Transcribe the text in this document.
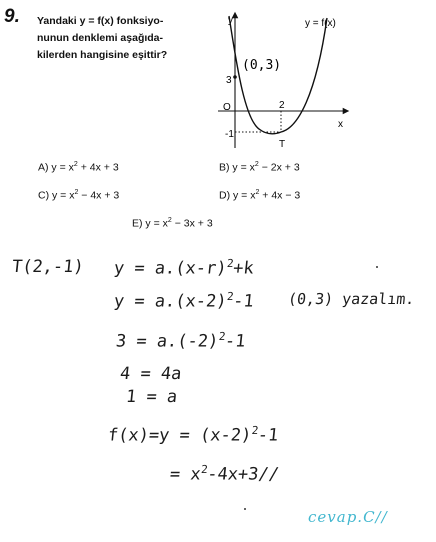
9. Yandaki y = f(x) fonksiyo-
nunun denklemi aşağıda-
kilerden hangisine eşittir?
y
x
y = f(x)
O
3
-1
2
T
(0,3)
A) $y = x^2 + 4x + 3$	B) $y = x^2 - 2x + 3$
C) $y = x^2 - 4x + 3$	D) $y = x^2 + 4x - 3$
E) $y = x^2 - 3x + 3$
T(2,-1) $y = a.(x-r)^2+k$
$y = a.(x-2)^2-1$ (0,3) yazalım.
$3 = a.(-2)^2-1$
4 = 4a
1 = a
$f(x)=y = (x-2)^2-1$
= $x^2-4x+3//$
cevap.C//
